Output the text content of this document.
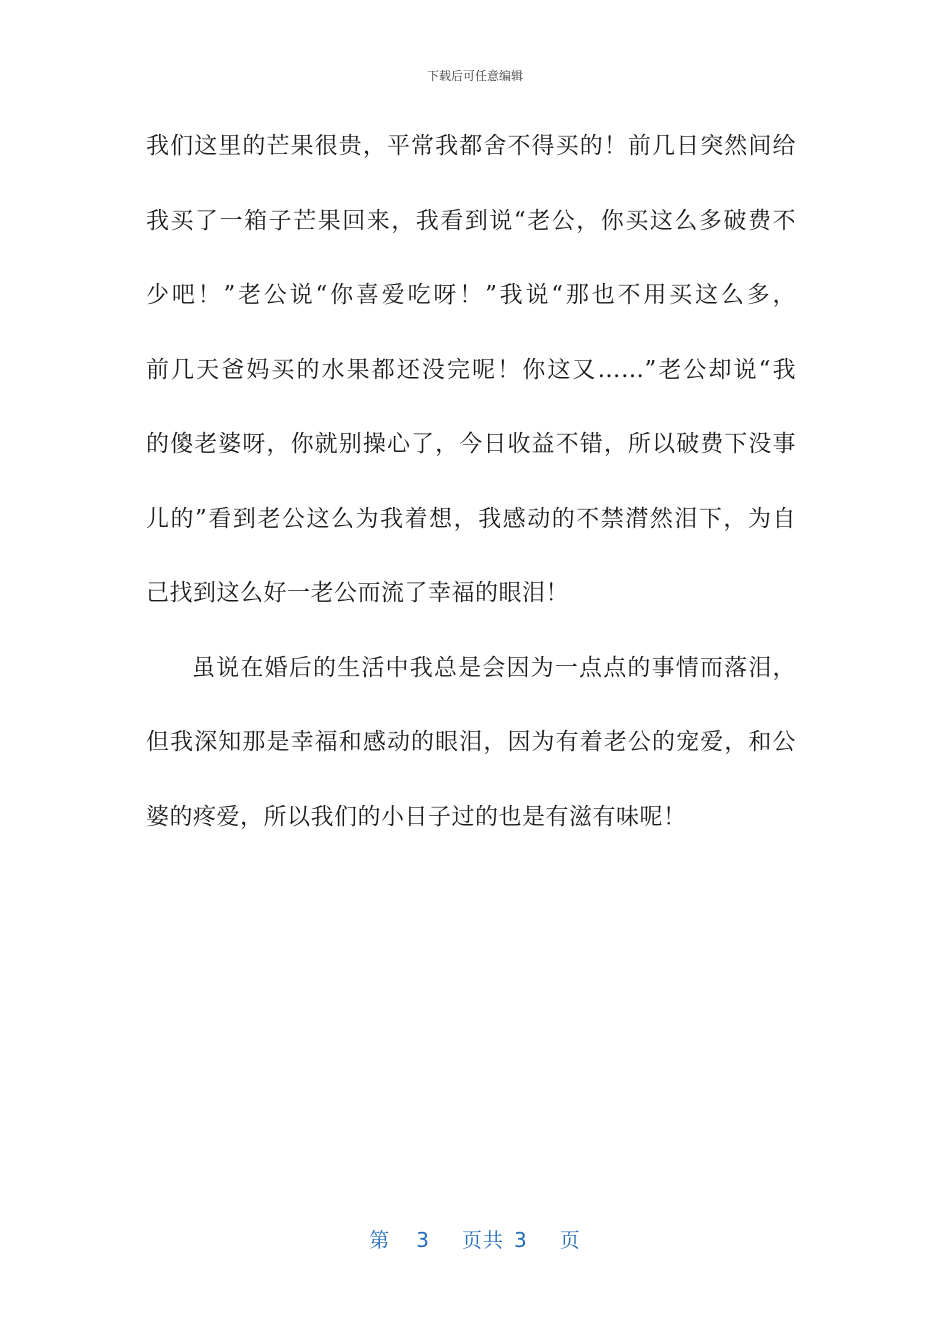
下载后可任意编辑
我们这里的芒果很贵，平常我都舍不得买的！前几日突然间给
我买了一箱子芒果回来，我看到说“老公，你买这么多破费不
少吧！”老公说“你喜爱吃呀！”我说“那也不用买这么多，
前几天爸妈买的水果都还没完呢！你这又……”老公却说“我
的傻老婆呀，你就别操心了，今日收益不错，所以破费下没事
儿的”看到老公这么为我着想，我感动的不禁潸然泪下，为自
己找到这么好一老公而流了幸福的眼泪！
虽说在婚后的生活中我总是会因为一点点的事情而落泪，
但我深知那是幸福和感动的眼泪，因为有着老公的宠爱，和公
婆的疼爱，所以我们的小日子过的也是有滋有味呢！
第 3 页共 3 页
